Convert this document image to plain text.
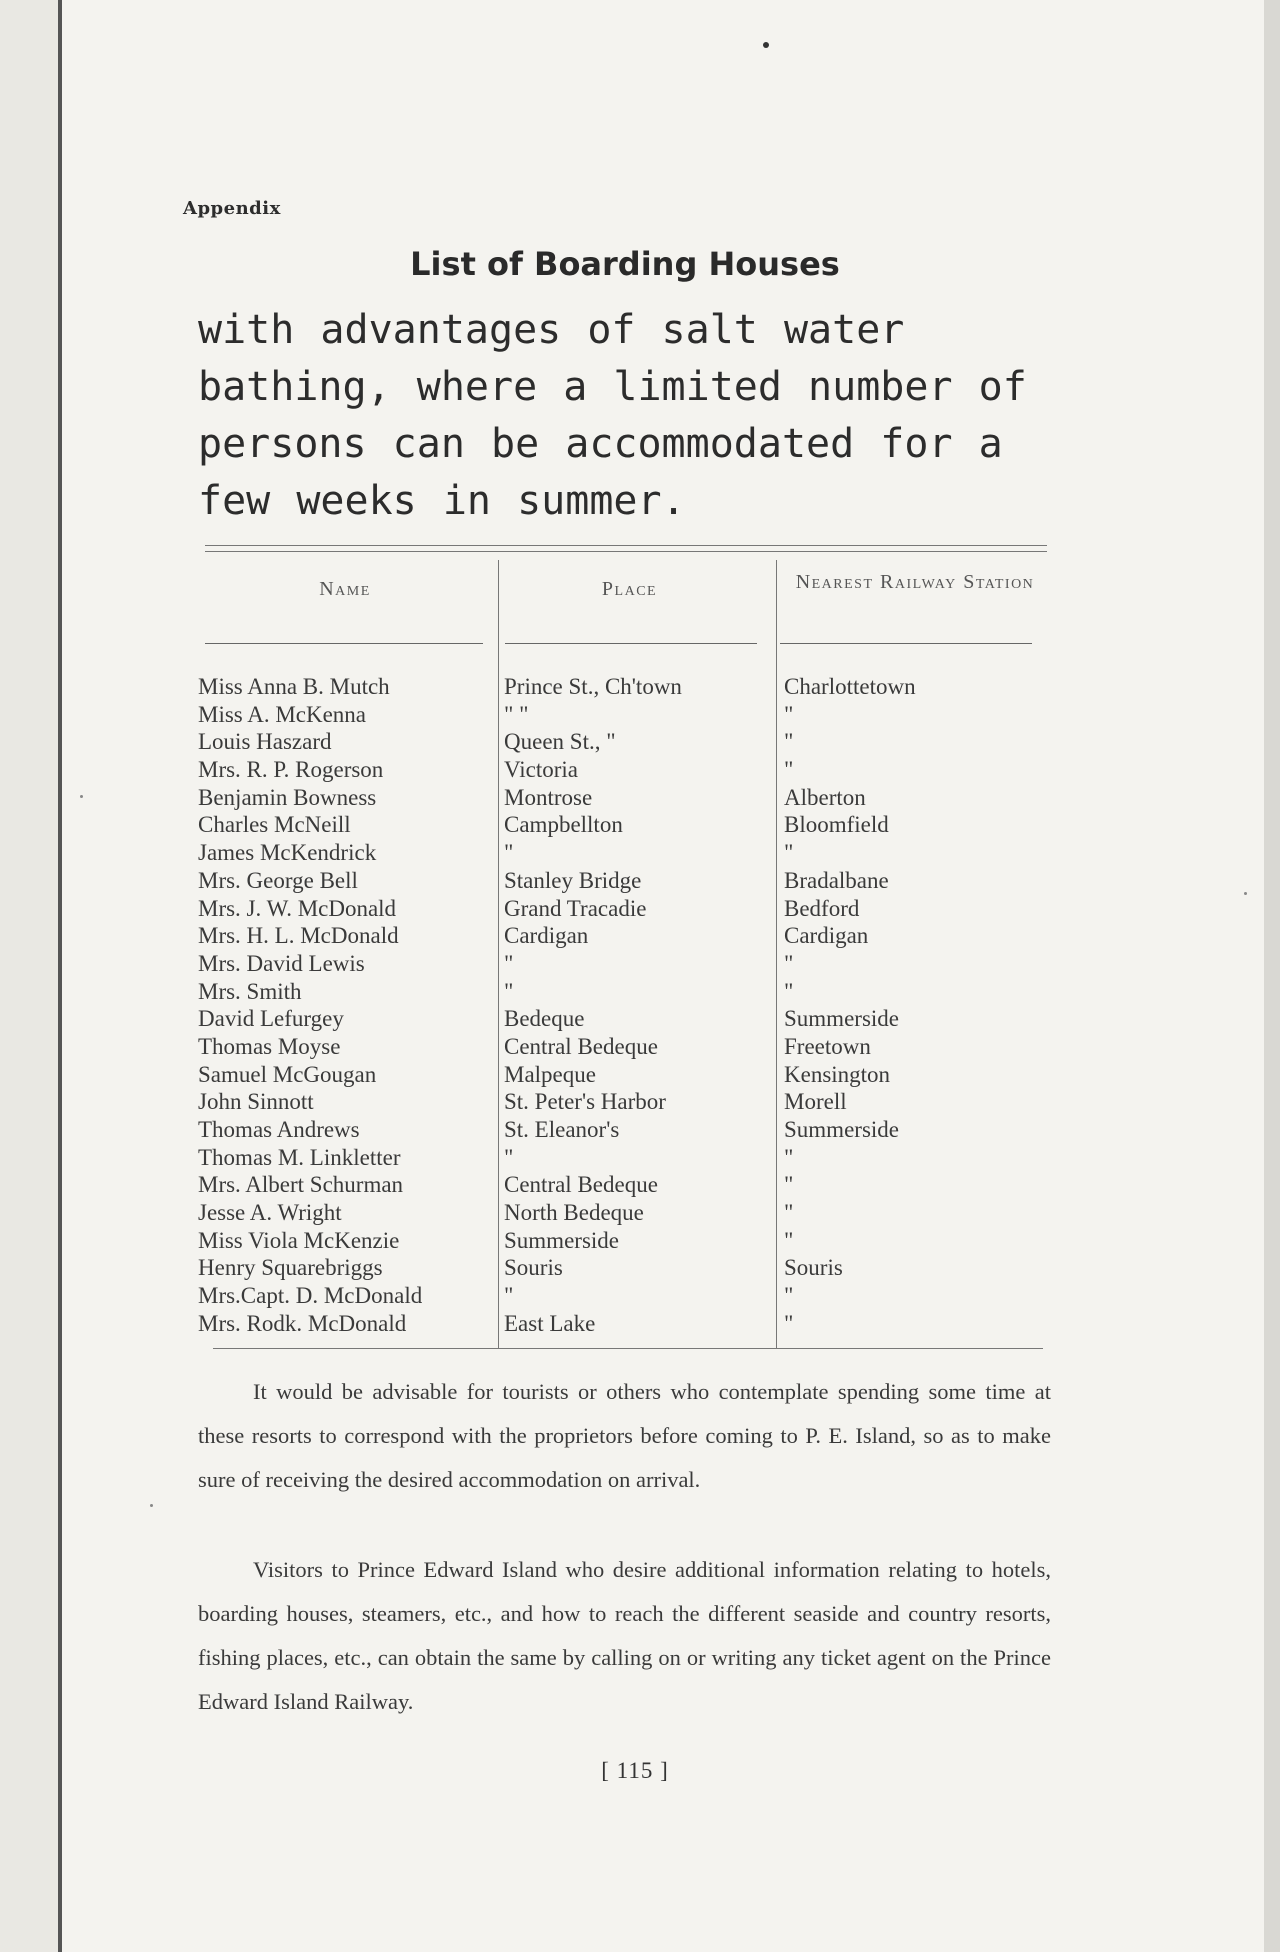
Appendix
List of Boarding Houses
with advantages of salt water bathing, where a limited number of persons can be accommodated for a few weeks in summer.
Name	Place	Nearest Railway Station
Miss Anna B. Mutch	Prince St., Ch'town	Charlottetown
Miss A. McKenna	" "	"
Louis Haszard	Queen St., "	"
Mrs. R. P. Rogerson	Victoria	"
Benjamin Bowness	Montrose	Alberton
Charles McNeill	Campbellton	Bloomfield
James McKendrick	"	"
Mrs. George Bell	Stanley Bridge	Bradalbane
Mrs. J. W. McDonald	Grand Tracadie	Bedford
Mrs. H. L. McDonald	Cardigan	Cardigan
Mrs. David Lewis	"	"
Mrs. Smith	"	"
David Lefurgey	Bedeque	Summerside
Thomas Moyse	Central Bedeque	Freetown
Samuel McGougan	Malpeque	Kensington
John Sinnott	St. Peter's Harbor	Morell
Thomas Andrews	St. Eleanor's	Summerside
Thomas M. Linkletter	"	"
Mrs. Albert Schurman	Central Bedeque	"
Jesse A. Wright	North Bedeque	"
Miss Viola McKenzie	Summerside	"
Henry Squarebriggs	Souris	Souris
Mrs.Capt. D. McDonald	"	"
Mrs. Rodk. McDonald	East Lake	"
It would be advisable for tourists or others who contemplate spending some time at these resorts to correspond with the proprietors before coming to P. E. Island, so as to make sure of receiving the desired accommodation on arrival.
Visitors to Prince Edward Island who desire additional information relating to hotels, boarding houses, steamers, etc., and how to reach the different seaside and country resorts, fishing places, etc., can obtain the same by calling on or writing any ticket agent on the Prince Edward Island Railway.
[ 115 ]
